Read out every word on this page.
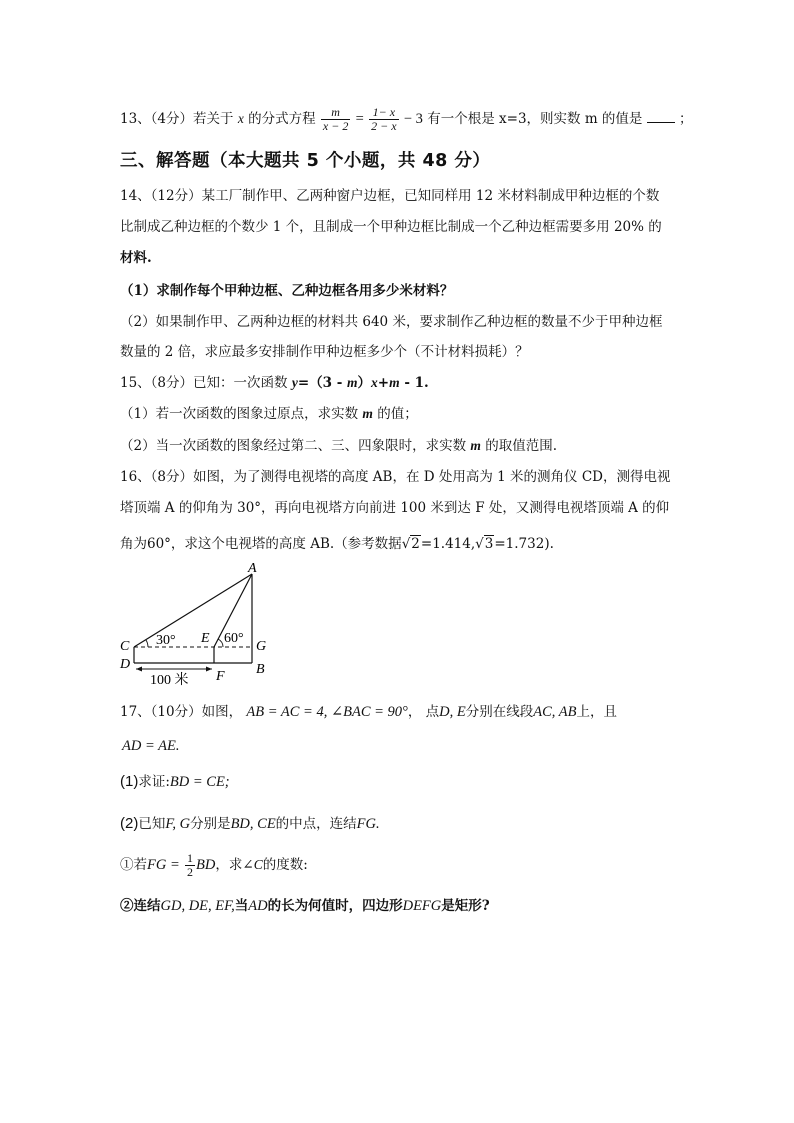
13、（4分）若关于 x 的分式方程 $\frac{m}{x - 2} = \frac{1- x}{2 - x} - 3$ 有一个根是 x=3，则实数 m 的值是	；
三、解答题（本大题共 5 个小题，共 48 分）
14、（12分）某工厂制作甲、乙两种窗户边框，已知同样用 12 米材料制成甲种边框的个数
比制成乙种边框的个数少 1 个，且制成一个甲种边框比制成一个乙种边框需要多用 20% 的
材料.
（1）求制作每个甲种边框、乙种边框各用多少米材料？
（2）如果制作甲、乙两种边框的材料共 640 米，要求制作乙种边框的数量不少于甲种边框
数量的 2 倍，求应最多安排制作甲种边框多少个（不计材料损耗）？
15、（8分）已知：一次函数 y=（3 - m）x+m - 1.
（1）若一次函数的图象过原点，求实数 m 的值；
（2）当一次函数的图象经过第二、三、四象限时，求实数 m 的取值范围.
16、（8分）如图，为了测得电视塔的高度 AB，在 D 处用高为 1 米的测角仪 CD，测得电视
塔顶端 A 的仰角为 30°，再向电视塔方向前进 100 米到达 F 处，又测得电视塔顶端 A 的仰
角为60°，求这个电视塔的高度 AB.（参考数据√2=1.414,√3=1.732).
A
C
D
E
F
G
B
30°	60°
100 米
17、（10分）如图， AB = AC = 4, ∠BAC = 90°， 点D, E分别在线段AC, AB上，且
AD = AE.
(1)求证:BD = CE;
(2)已知F, G分别是BD, CE的中点，连结FG.
①若FG = $\frac{1}{2}$ BD，求∠C的度数:
②连结GD, DE, EF,当AD的长为何值时，四边形DEFG是矩形?
